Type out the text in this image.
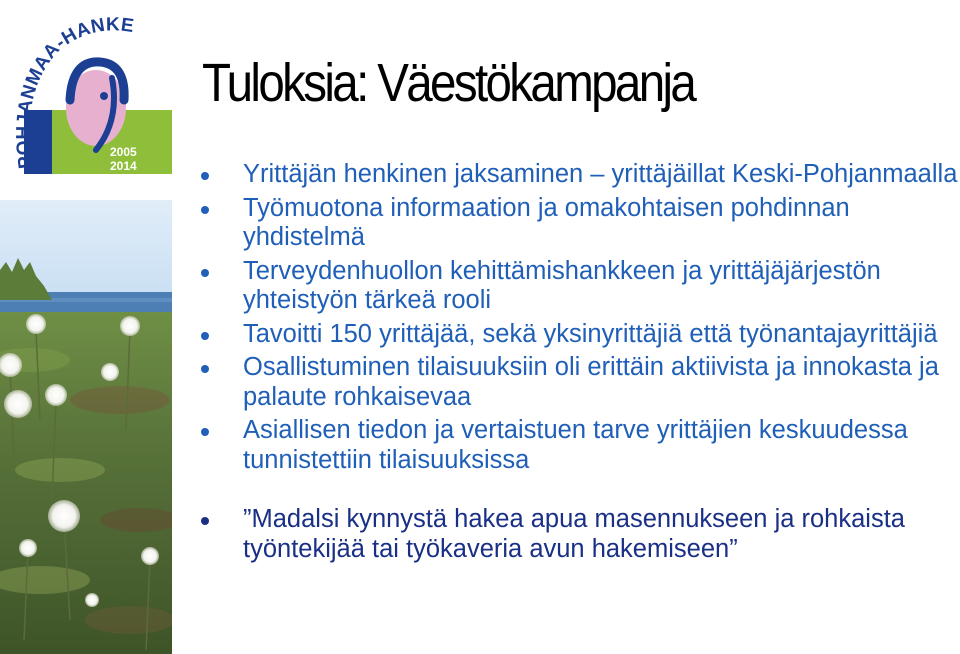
POHJANMAA-HANKE
2005
2014
Tuloksia: Väestökampanja
Yrittäjän henkinen jaksaminen – yrittäjäillat Keski-Pohjanmaalla
Työmuotona informaation ja omakohtaisen pohdinnan yhdistelmä
Terveydenhuollon kehittämishankkeen ja yrittäjäjärjestön yhteistyön tärkeä rooli
Tavoitti 150 yrittäjää, sekä yksinyrittäjiä että työnantajayrittäjiä
Osallistuminen tilaisuuksiin oli erittäin aktiivista ja innokasta ja palaute rohkaisevaa
Asiallisen tiedon ja vertaistuen tarve yrittäjien keskuudessa tunnistettiin tilaisuuksissa
”Madalsi kynnystä hakea apua masennukseen ja rohkaista työntekijää tai työkaveria avun hakemiseen”
